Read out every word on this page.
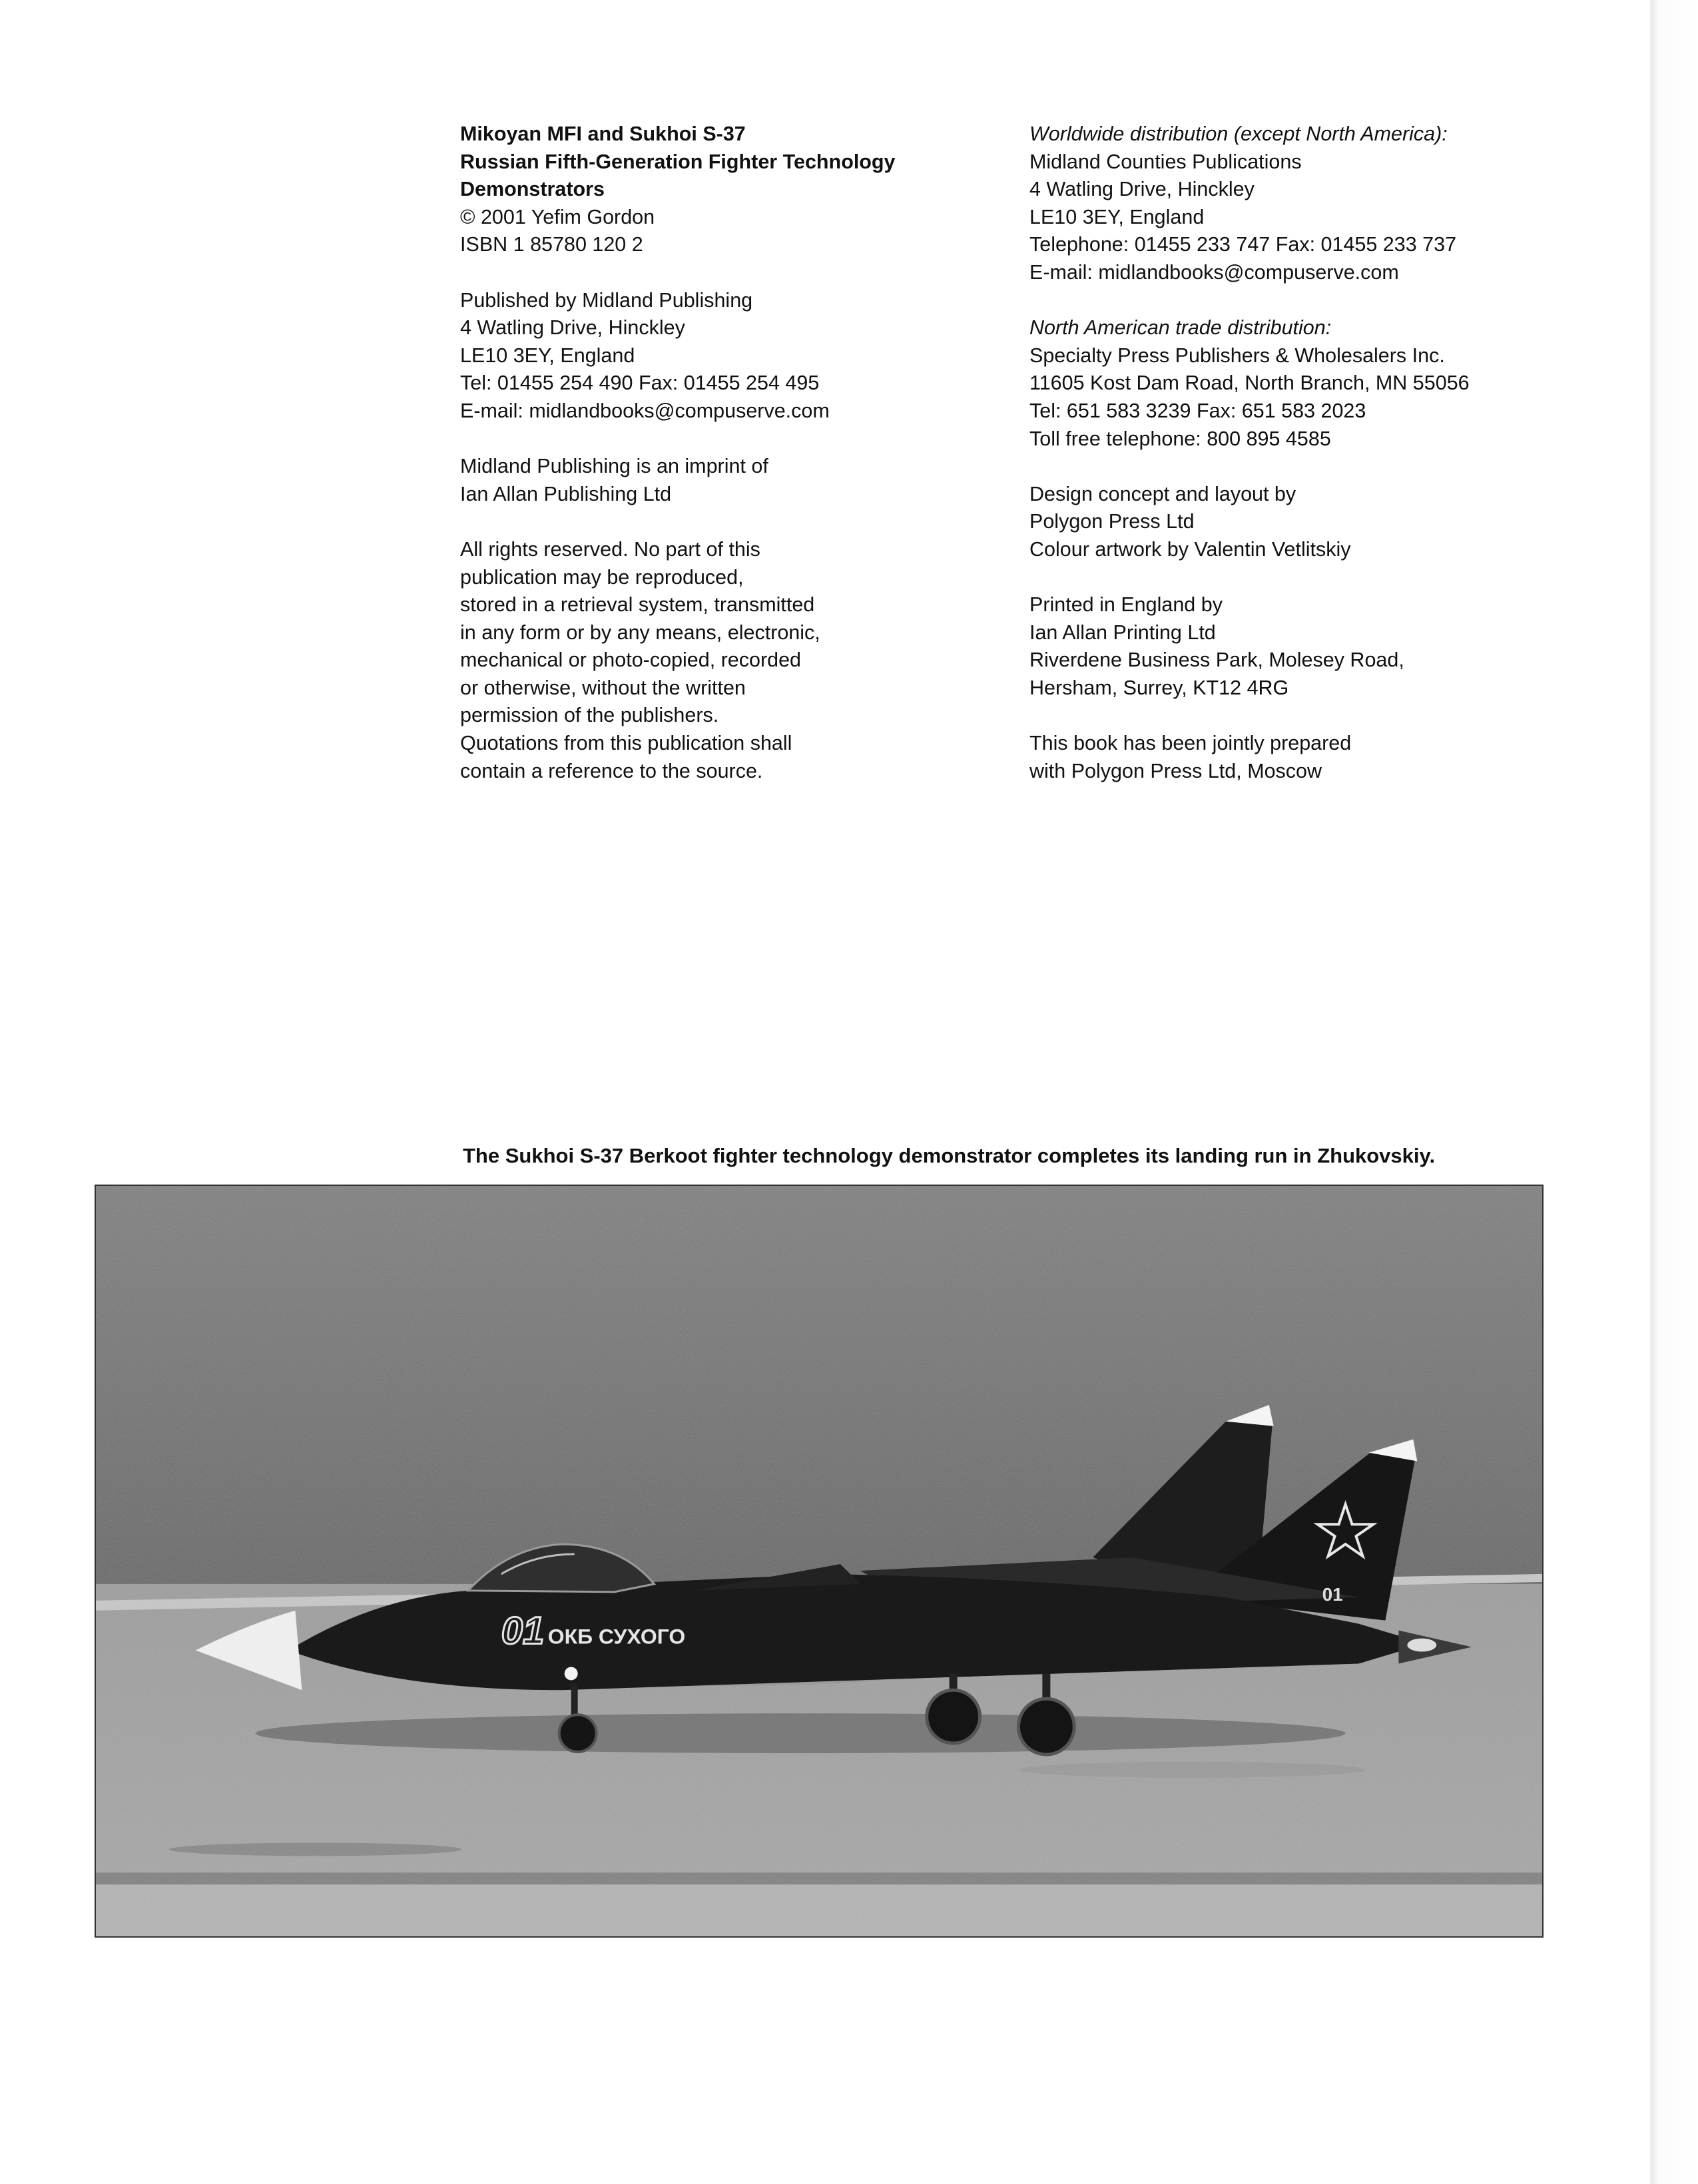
Mikoyan MFI and Sukhoi S-37
Russian Fifth-Generation Fighter Technology
Demonstrators
© 2001 Yefim Gordon
ISBN 1 85780 120 2
Published by Midland Publishing
4 Watling Drive, Hinckley
LE10 3EY, England
Tel: 01455 254 490 Fax: 01455 254 495
E-mail: midlandbooks@compuserve.com
Midland Publishing is an imprint of
Ian Allan Publishing Ltd
All rights reserved. No part of this
publication may be reproduced,
stored in a retrieval system, transmitted
in any form or by any means, electronic,
mechanical or photo-copied, recorded
or otherwise, without the written
permission of the publishers.
Quotations from this publication shall
contain a reference to the source.
Worldwide distribution (except North America):
Midland Counties Publications
4 Watling Drive, Hinckley
LE10 3EY, England
Telephone: 01455 233 747 Fax: 01455 233 737
E-mail: midlandbooks@compuserve.com
North American trade distribution:
Specialty Press Publishers & Wholesalers Inc.
11605 Kost Dam Road, North Branch, MN 55056
Tel: 651 583 3239 Fax: 651 583 2023
Toll free telephone: 800 895 4585
Design concept and layout by
Polygon Press Ltd
Colour artwork by Valentin Vetlitskiy
Printed in England by
Ian Allan Printing Ltd
Riverdene Business Park, Molesey Road,
Hersham, Surrey, KT12 4RG
This book has been jointly prepared
with Polygon Press Ltd, Moscow
The Sukhoi S-37 Berkoot fighter technology demonstrator completes its landing run in Zhukovskiy.
01 ОКБ СУХОГО
01
